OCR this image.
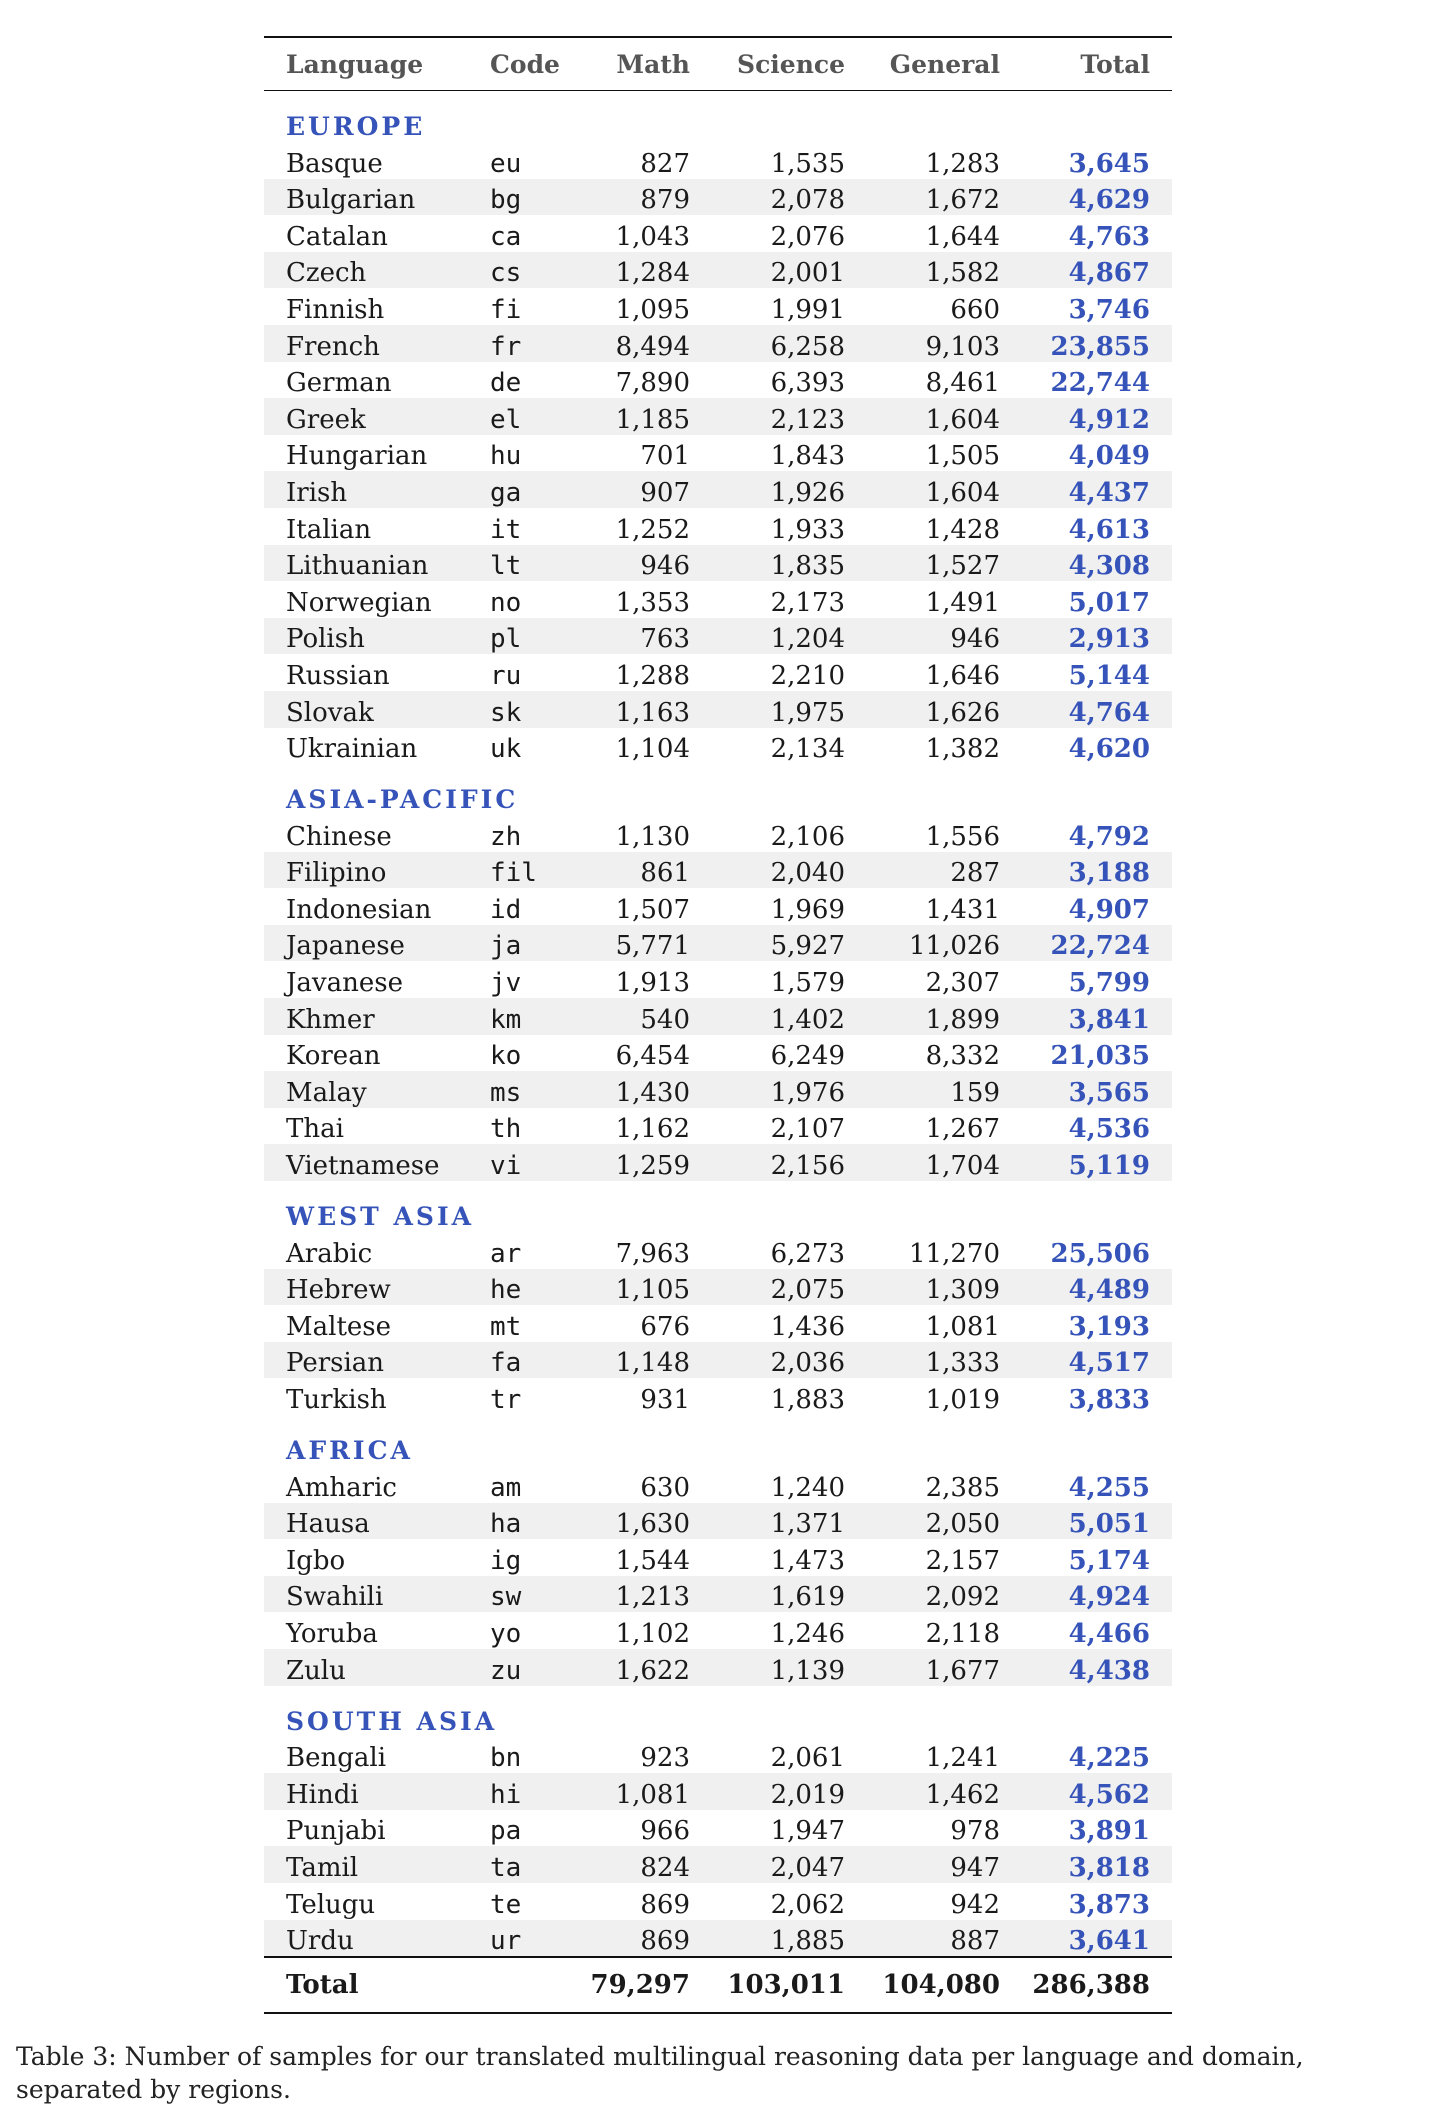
Language	Code	Math	Science	General	Total
EUROPE					
Basque	eu	827	1,535	1,283	3,645
Bulgarian	bg	879	2,078	1,672	4,629
Catalan	ca	1,043	2,076	1,644	4,763
Czech	cs	1,284	2,001	1,582	4,867
Finnish	fi	1,095	1,991	660	3,746
French	fr	8,494	6,258	9,103	23,855
German	de	7,890	6,393	8,461	22,744
Greek	el	1,185	2,123	1,604	4,912
Hungarian	hu	701	1,843	1,505	4,049
Irish	ga	907	1,926	1,604	4,437
Italian	it	1,252	1,933	1,428	4,613
Lithuanian	lt	946	1,835	1,527	4,308
Norwegian	no	1,353	2,173	1,491	5,017
Polish	pl	763	1,204	946	2,913
Russian	ru	1,288	2,210	1,646	5,144
Slovak	sk	1,163	1,975	1,626	4,764
Ukrainian	uk	1,104	2,134	1,382	4,620
ASIA-PACIFIC					
Chinese	zh	1,130	2,106	1,556	4,792
Filipino	fil	861	2,040	287	3,188
Indonesian	id	1,507	1,969	1,431	4,907
Japanese	ja	5,771	5,927	11,026	22,724
Javanese	jv	1,913	1,579	2,307	5,799
Khmer	km	540	1,402	1,899	3,841
Korean	ko	6,454	6,249	8,332	21,035
Malay	ms	1,430	1,976	159	3,565
Thai	th	1,162	2,107	1,267	4,536
Vietnamese	vi	1,259	2,156	1,704	5,119
WEST ASIA					
Arabic	ar	7,963	6,273	11,270	25,506
Hebrew	he	1,105	2,075	1,309	4,489
Maltese	mt	676	1,436	1,081	3,193
Persian	fa	1,148	2,036	1,333	4,517
Turkish	tr	931	1,883	1,019	3,833
AFRICA					
Amharic	am	630	1,240	2,385	4,255
Hausa	ha	1,630	1,371	2,050	5,051
Igbo	ig	1,544	1,473	2,157	5,174
Swahili	sw	1,213	1,619	2,092	4,924
Yoruba	yo	1,102	1,246	2,118	4,466
Zulu	zu	1,622	1,139	1,677	4,438
SOUTH ASIA					
Bengali	bn	923	2,061	1,241	4,225
Hindi	hi	1,081	2,019	1,462	4,562
Punjabi	pa	966	1,947	978	3,891
Tamil	ta	824	2,047	947	3,818
Telugu	te	869	2,062	942	3,873
Urdu	ur	869	1,885	887	3,641
Total		79,297	103,011	104,080	286,388
Table 3: Number of samples for our translated multilingual reasoning data per language and domain, separated by regions.
